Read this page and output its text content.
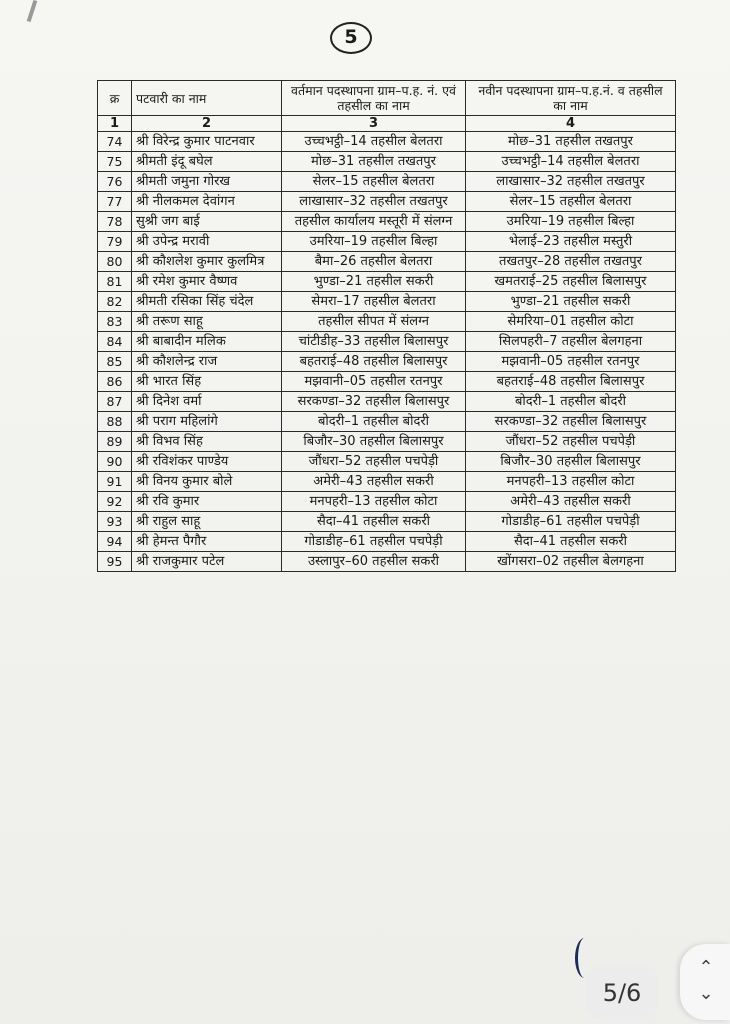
5
क्र	पटवारी का नाम	वर्तमान पदस्थापना ग्राम–प.ह. नं. एवं तहसील का नाम	नवीन पदस्थापना ग्राम–प.ह.नं. व तहसील का नाम
1	2	3	4
74	श्री विरेन्द्र कुमार पाटनवार	उच्चभट्ठी–14 तहसील बेलतरा	मोछ–31 तहसील तखतपुर
75	श्रीमती इंदू बघेल	मोछ–31 तहसील तखतपुर	उच्चभट्ठी–14 तहसील बेलतरा
76	श्रीमती जमुना गोरख	सेलर–15 तहसील बेलतरा	लाखासार–32 तहसील तखतपुर
77	श्री नीलकमल देवांगन	लाखासार–32 तहसील तखतपुर	सेलर–15 तहसील बेलतरा
78	सुश्री जग बाई	तहसील कार्यालय मस्तूरी में संलग्न	उमरिया–19 तहसील बिल्हा
79	श्री उपेन्द्र मरावी	उमरिया–19 तहसील बिल्हा	भेलाई–23 तहसील मस्तुरी
80	श्री कौशलेश कुमार कुलमित्र	बैमा–26 तहसील बेलतरा	तखतपुर–28 तहसील तखतपुर
81	श्री रमेश कुमार वैष्णव	भुण्डा–21 तहसील सकरी	खमतराई–25 तहसील बिलासपुर
82	श्रीमती रसिका सिंह चंदेल	सेमरा–17 तहसील बेलतरा	भुण्डा–21 तहसील सकरी
83	श्री तरूण साहू	तहसील सीपत में संलग्न	सेमरिया–01 तहसील कोटा
84	श्री बाबादीन मलिक	चांटीडीह–33 तहसील बिलासपुर	सिलपहरी–7 तहसील बेलगहना
85	श्री कौशलेन्द्र राज	बहतराई–48 तहसील बिलासपुर	मझवानी–05 तहसील रतनपुर
86	श्री भारत सिंह	मझवानी–05 तहसील रतनपुर	बहतराई–48 तहसील बिलासपुर
87	श्री दिनेश वर्मा	सरकण्डा–32 तहसील बिलासपुर	बोदरी–1 तहसील बोदरी
88	श्री पराग महिलांगे	बोदरी–1 तहसील बोदरी	सरकण्डा–32 तहसील बिलासपुर
89	श्री विभव सिंह	बिजौर–30 तहसील बिलासपुर	जौंधरा–52 तहसील पचपेड़ी
90	श्री रविशंकर पाण्डेय	जौंधरा–52 तहसील पचपेड़ी	बिजौर–30 तहसील बिलासपुर
91	श्री विनय कुमार बोले	अमेरी–43 तहसील सकरी	मनपहरी–13 तहसील कोटा
92	श्री रवि कुमार	मनपहरी–13 तहसील कोटा	अमेरी–43 तहसील सकरी
93	श्री राहुल साहू	सैदा–41 तहसील सकरी	गोडाडीह–61 तहसील पचपेड़ी
94	श्री हेमन्त पैगौर	गोडाडीह–61 तहसील पचपेड़ी	सैदा–41 तहसील सकरी
95	श्री राजकुमार पटेल	उस्लापुर–60 तहसील सकरी	खोंगसरा–02 तहसील बेलगहना
5/6
⌃
⌄
